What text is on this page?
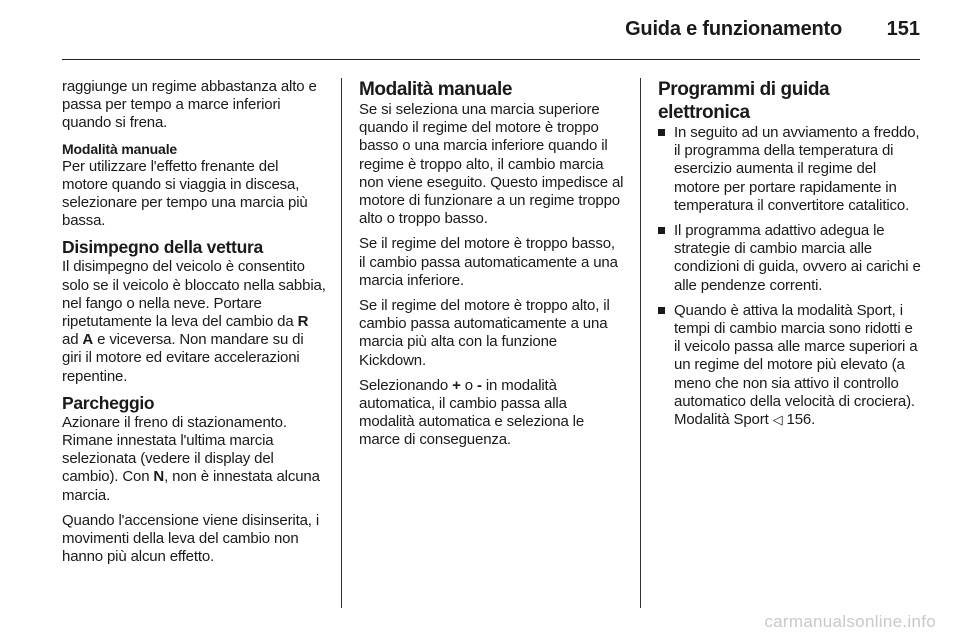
Guida e funzionamento 151

raggiunge un regime abbastanza alto e passa per tempo a marce inferiori quando si frena.

Modalità manuale

Per utilizzare l'effetto frenante del motore quando si viaggia in discesa, selezionare per tempo una marcia più bassa.

Disimpegno della vettura

Il disimpegno del veicolo è consentito solo se il veicolo è bloccato nella sabbia, nel fango o nella neve. Portare ripetutamente la leva del cambio da R ad A e viceversa. Non mandare su di giri il motore ed evitare accelerazioni repentine.

Parcheggio

Azionare il freno di stazionamento. Rimane innestata l'ultima marcia selezionata (vedere il display del cambio). Con N, non è innestata alcuna marcia.

Quando l'accensione viene disinserita, i movimenti della leva del cambio non hanno più alcun effetto.

Modalità manuale

Se si seleziona una marcia superiore quando il regime del motore è troppo basso o una marcia inferiore quando il regime è troppo alto, il cambio marcia non viene eseguito. Questo impedisce al motore di funzionare a un regime troppo alto o troppo basso.

Se il regime del motore è troppo basso, il cambio passa automaticamente a una marcia inferiore.

Se il regime del motore è troppo alto, il cambio passa automaticamente a una marcia più alta con la funzione Kickdown.

Selezionando + o - in modalità automatica, il cambio passa alla modalità automatica e seleziona le marce di conseguenza.

Programmi di guida elettronica
In seguito ad un avviamento a freddo, il programma della temperatura di esercizio aumenta il regime del motore per portare rapidamente in temperatura il convertitore catalitico.
Il programma adattivo adegua le strategie di cambio marcia alle condizioni di guida, ovvero ai carichi e alle pendenze correnti.
Quando è attiva la modalità Sport, i tempi di cambio marcia sono ridotti e il veicolo passa alle marce superiori a un regime del motore più elevato (a meno che non sia attivo il controllo automatico della velocità di crociera). Modalità Sport ◁ 156.
carmanualsonline.info
